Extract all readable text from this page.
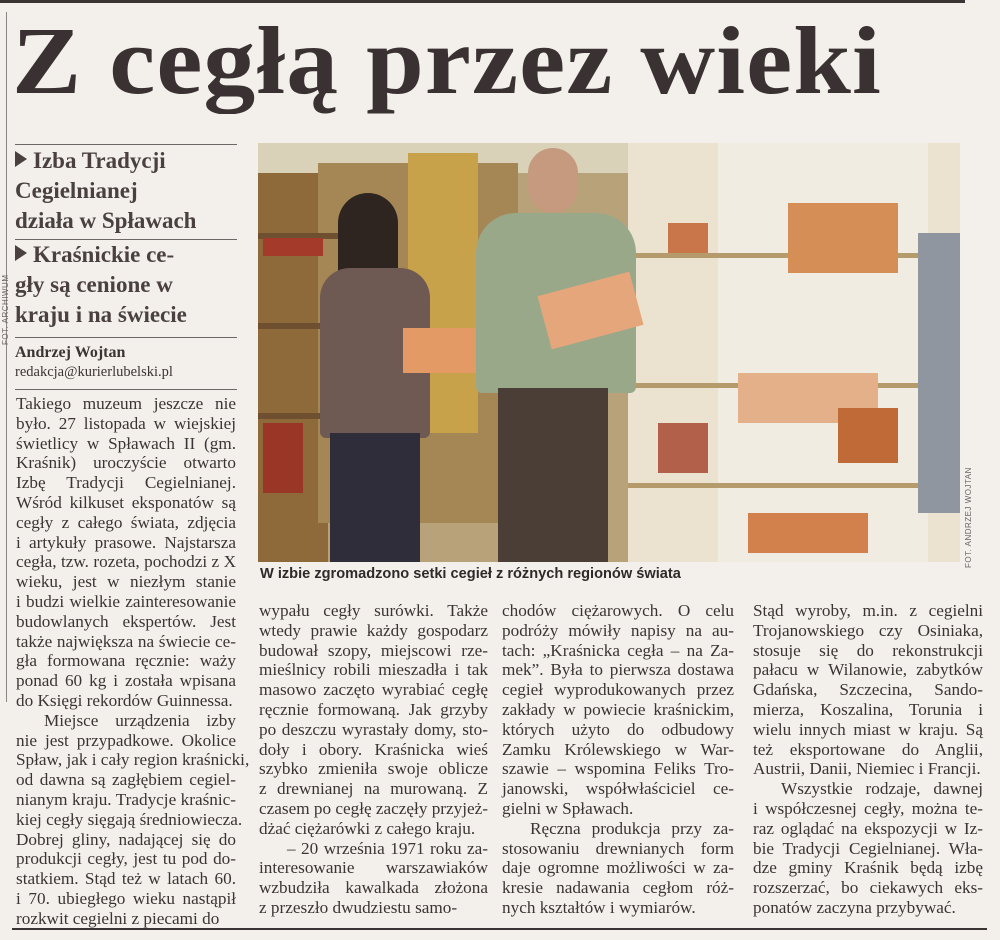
Z cegłą przez wieki
FOT. ARCHIWUM
Izba Tradycji
Cegielnianej
działa w Spławach
Kraśnickie ce-
gły są cenione w
kraju i na świecie
Andrzej Wojtan
redakcja@kurierlubelski.pl
Takiego muzeum jeszcze nie
było. 27 listopada w wiejskiej
świetlicy w Spławach II (gm.
Kraśnik) uroczyście otwarto
Izbę Tradycji Cegielnianej.
Wśród kilkuset eksponatów są
cegły z całego świata, zdjęcia
i artykuły prasowe. Najstarsza
cegła, tzw. rozeta, pochodzi z X
wieku, jest w niezłym stanie
i budzi wielkie zainteresowanie
budowlanych ekspertów. Jest
także największa na świecie ce-
gła formowana ręcznie: waży
ponad 60 kg i została wpisana
do Księgi rekordów Guinnessa.
Miejsce urządzenia izby
nie jest przypadkowe. Okolice
Spław, jak i cały region kraśnicki,
od dawna są zagłębiem cegiel-
nianym kraju. Tradycje kraśnic-
kiej cegły sięgają średniowiecza.
Dobrej gliny, nadającej się do
produkcji cegły, jest tu pod do-
statkiem. Stąd też w latach 60.
i 70. ubiegłego wieku nastąpił
rozkwit cegielni z piecami do
wypału cegły surówki. Także
wtedy prawie każdy gospodarz
budował szopy, miejscowi rze-
mieślnicy robili mieszadła i tak
masowo zaczęto wyrabiać cegłę
ręcznie formowaną. Jak grzyby
po deszczu wyrastały domy, sto-
doły i obory. Kraśnicka wieś
szybko zmieniła swoje oblicze
z drewnianej na murowaną. Z
czasem po cegłę zaczęły przyjeż-
dżać ciężarówki z całego kraju.
– 20 września 1971 roku za-
interesowanie warszawiaków
wzbudziła kawalkada złożona
z przeszło dwudziestu samo-
chodów ciężarowych. O celu
podróży mówiły napisy na au-
tach: „Kraśnicka cegła – na Za-
mek”. Była to pierwsza dostawa
cegieł wyprodukowanych przez
zakłady w powiecie kraśnickim,
których użyto do odbudowy
Zamku Królewskiego w War-
szawie – wspomina Feliks Tro-
janowski, współwłaściciel ce-
gielni w Spławach.
Ręczna produkcja przy za-
stosowaniu drewnianych form
daje ogromne możliwości w za-
kresie nadawania cegłom róż-
nych kształtów i wymiarów.
Stąd wyroby, m.in. z cegielni
Trojanowskiego czy Osiniaka,
stosuje się do rekonstrukcji
pałacu w Wilanowie, zabytków
Gdańska, Szczecina, Sando-
mierza, Koszalina, Torunia i
wielu innych miast w kraju. Są
też eksportowane do Anglii,
Austrii, Danii, Niemiec i Francji.
Wszystkie rodzaje, dawnej
i współczesnej cegły, można te-
raz oglądać na ekspozycji w Iz-
bie Tradycji Cegielnianej. Wła-
dze gminy Kraśnik będą izbę
rozszerzać, bo ciekawych eks-
ponatów zaczyna przybywać.
FOT. ANDRZEJ WOJTAN
W izbie zgromadzono setki cegieł z różnych regionów świata
